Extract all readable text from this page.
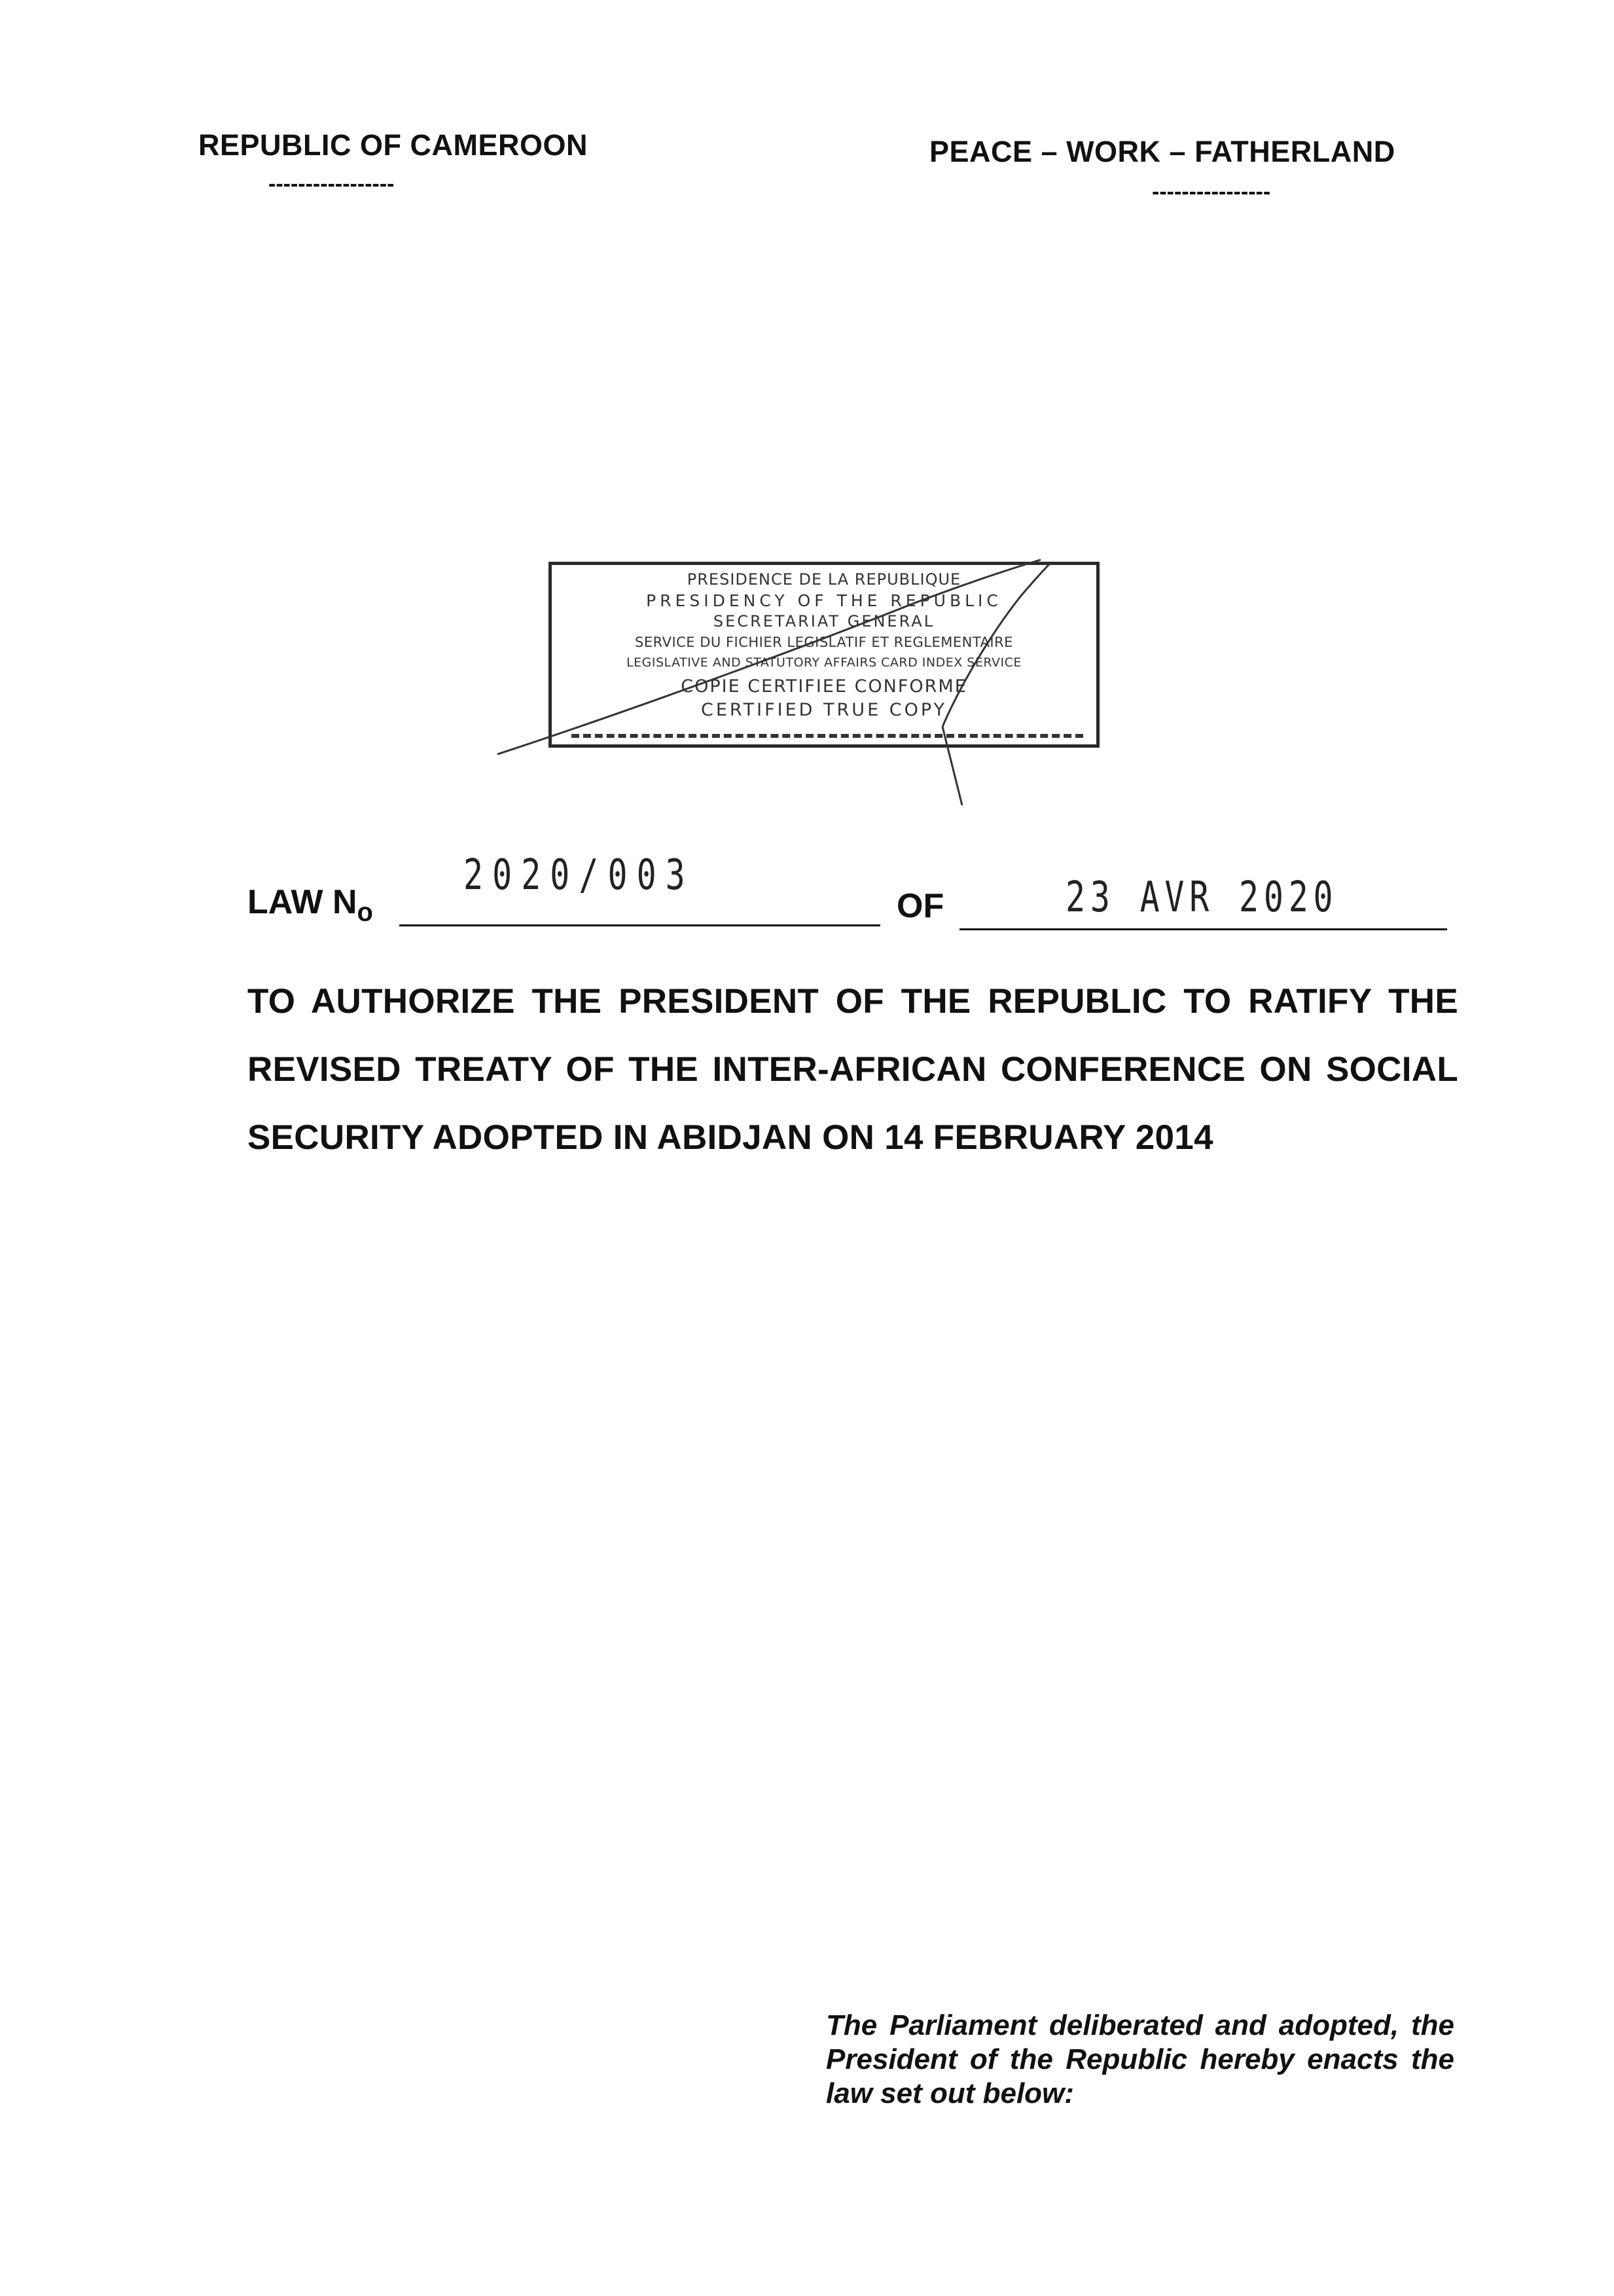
REPUBLIC OF CAMEROON
-----------------
PEACE – WORK – FATHERLAND
----------------
PRESIDENCE DE LA REPUBLIQUE
PRESIDENCY OF THE REPUBLIC
SECRETARIAT GENERAL
SERVICE DU FICHIER LEGISLATIF ET REGLEMENTAIRE
LEGISLATIVE AND STATUTORY AFFAIRS CARD INDEX SERVICE
COPIE CERTIFIEE CONFORME
CERTIFIED TRUE COPY
LAW $N_o$
2020/003
OF	23 AVR 2020
TO AUTHORIZE THE PRESIDENT OF THE REPUBLIC TO RATIFY THE REVISED TREATY OF THE INTER-AFRICAN CONFERENCE ON SOCIAL SECURITY ADOPTED IN ABIDJAN ON 14 FEBRUARY 2014
The Parliament deliberated and adopted, the President of the Republic hereby enacts the law set out below:
